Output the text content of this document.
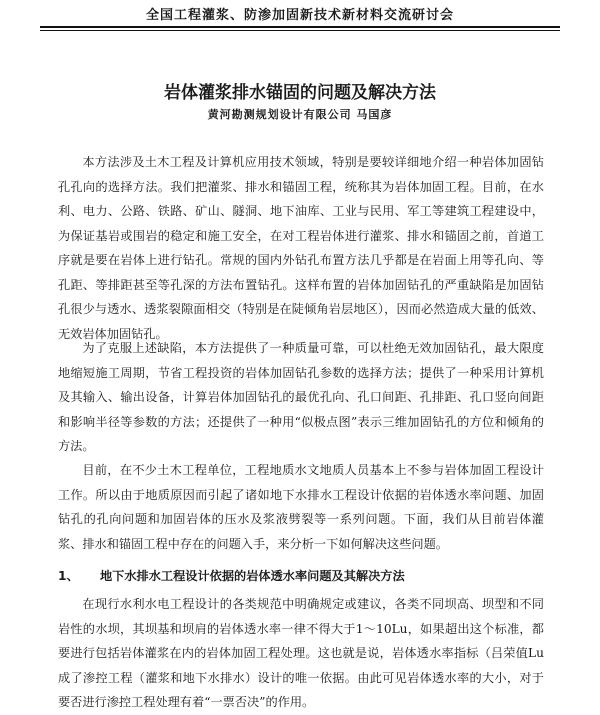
全国工程灌浆、防渗加固新技术新材料交流研讨会
岩体灌浆排水锚固的问题及解决方法
黄河勘测规划设计有限公司 马国彦

本方法涉及土木工程及计算机应用技术领域，特别是要较详细地介绍一种岩体加固钻孔孔向的选择方法。我们把灌浆、排水和锚固工程，统称其为岩体加固工程。目前，在水利、电力、公路、铁路、矿山、隧洞、地下油库、工业与民用、军工等建筑工程建设中，为保证基岩或围岩的稳定和施工安全，在对工程岩体进行灌浆、排水和锚固之前，首道工序就是要在岩体上进行钻孔。常规的国内外钻孔布置方法几乎都是在岩面上用等孔向、等孔距、等排距甚至等孔深的方法布置钻孔。这样布置的岩体加固钻孔的严重缺陷是加固钻孔很少与透水、透浆裂隙面相交（特别是在陡倾角岩层地区），因而必然造成大量的低效、无效岩体加固钻孔。

为了克服上述缺陷，本方法提供了一种质量可靠，可以杜绝无效加固钻孔，最大限度地缩短施工周期，节省工程投资的岩体加固钻孔参数的选择方法；提供了一种采用计算机及其输入、输出设备，计算岩体加固钻孔的最优孔向、孔口间距、孔排距、孔口竖向间距和影响半径等参数的方法；还提供了一种用“似极点图”表示三维加固钻孔的方位和倾角的方法。

目前，在不少土木工程单位，工程地质水文地质人员基本上不参与岩体加固工程设计工作。所以由于地质原因而引起了诸如地下水排水工程设计依据的岩体透水率问题、加固钻孔的孔向问题和加固岩体的压水及浆液劈裂等一系列问题。下面，我们从目前岩体灌浆、排水和锚固工程中存在的问题入手，来分析一下如何解决这些问题。

1、 地下水排水工程设计依据的岩体透水率问题及其解决方法

在现行水利水电工程设计的各类规范中明确规定或建议，各类不同坝高、坝型和不同岩性的水坝，其坝基和坝肩的岩体透水率一律不得大于1～10Lu，如果超出这个标准，都要进行包括岩体灌浆在内的岩体加固工程处理。这也就是说，岩体透水率指标（吕荣值Lu成了渗控工程（灌浆和地下水排水）设计的唯一依据。由此可见岩体透水率的大小，对于要否进行渗控工程处理有着“一票否决”的作用。
